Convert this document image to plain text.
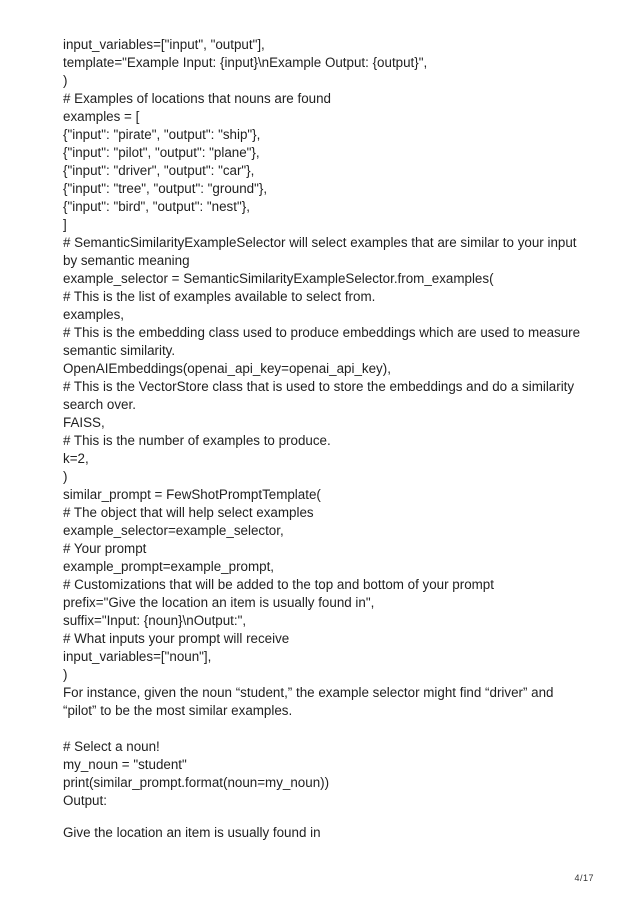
input_variables=["input", "output"],

template="Example Input: {input}\nExample Output: {output}",

)

# Examples of locations that nouns are found

examples = [

{"input": "pirate", "output": "ship"},

{"input": "pilot", "output": "plane"},

{"input": "driver", "output": "car"},

{"input": "tree", "output": "ground"},

{"input": "bird", "output": "nest"},

]

# SemanticSimilarityExampleSelector will select examples that are similar to your input by semantic meaning

example_selector = SemanticSimilarityExampleSelector.from_examples(

# This is the list of examples available to select from.

examples,

# This is the embedding class used to produce embeddings which are used to measure semantic similarity.

OpenAIEmbeddings(openai_api_key=openai_api_key),

# This is the VectorStore class that is used to store the embeddings and do a similarity search over.

FAISS,

# This is the number of examples to produce.

k=2,

)

similar_prompt = FewShotPromptTemplate(

# The object that will help select examples

example_selector=example_selector,

# Your prompt

example_prompt=example_prompt,

# Customizations that will be added to the top and bottom of your prompt

prefix="Give the location an item is usually found in",

suffix="Input: {noun}\nOutput:",

# What inputs your prompt will receive

input_variables=["noun"],

)

For instance, given the noun “student,” the example selector might find “driver” and “pilot” to be the most similar examples.

# Select a noun!

my_noun = "student"

print(similar_prompt.format(noun=my_noun))

Output:

Give the location an item is usually found in

4/17
